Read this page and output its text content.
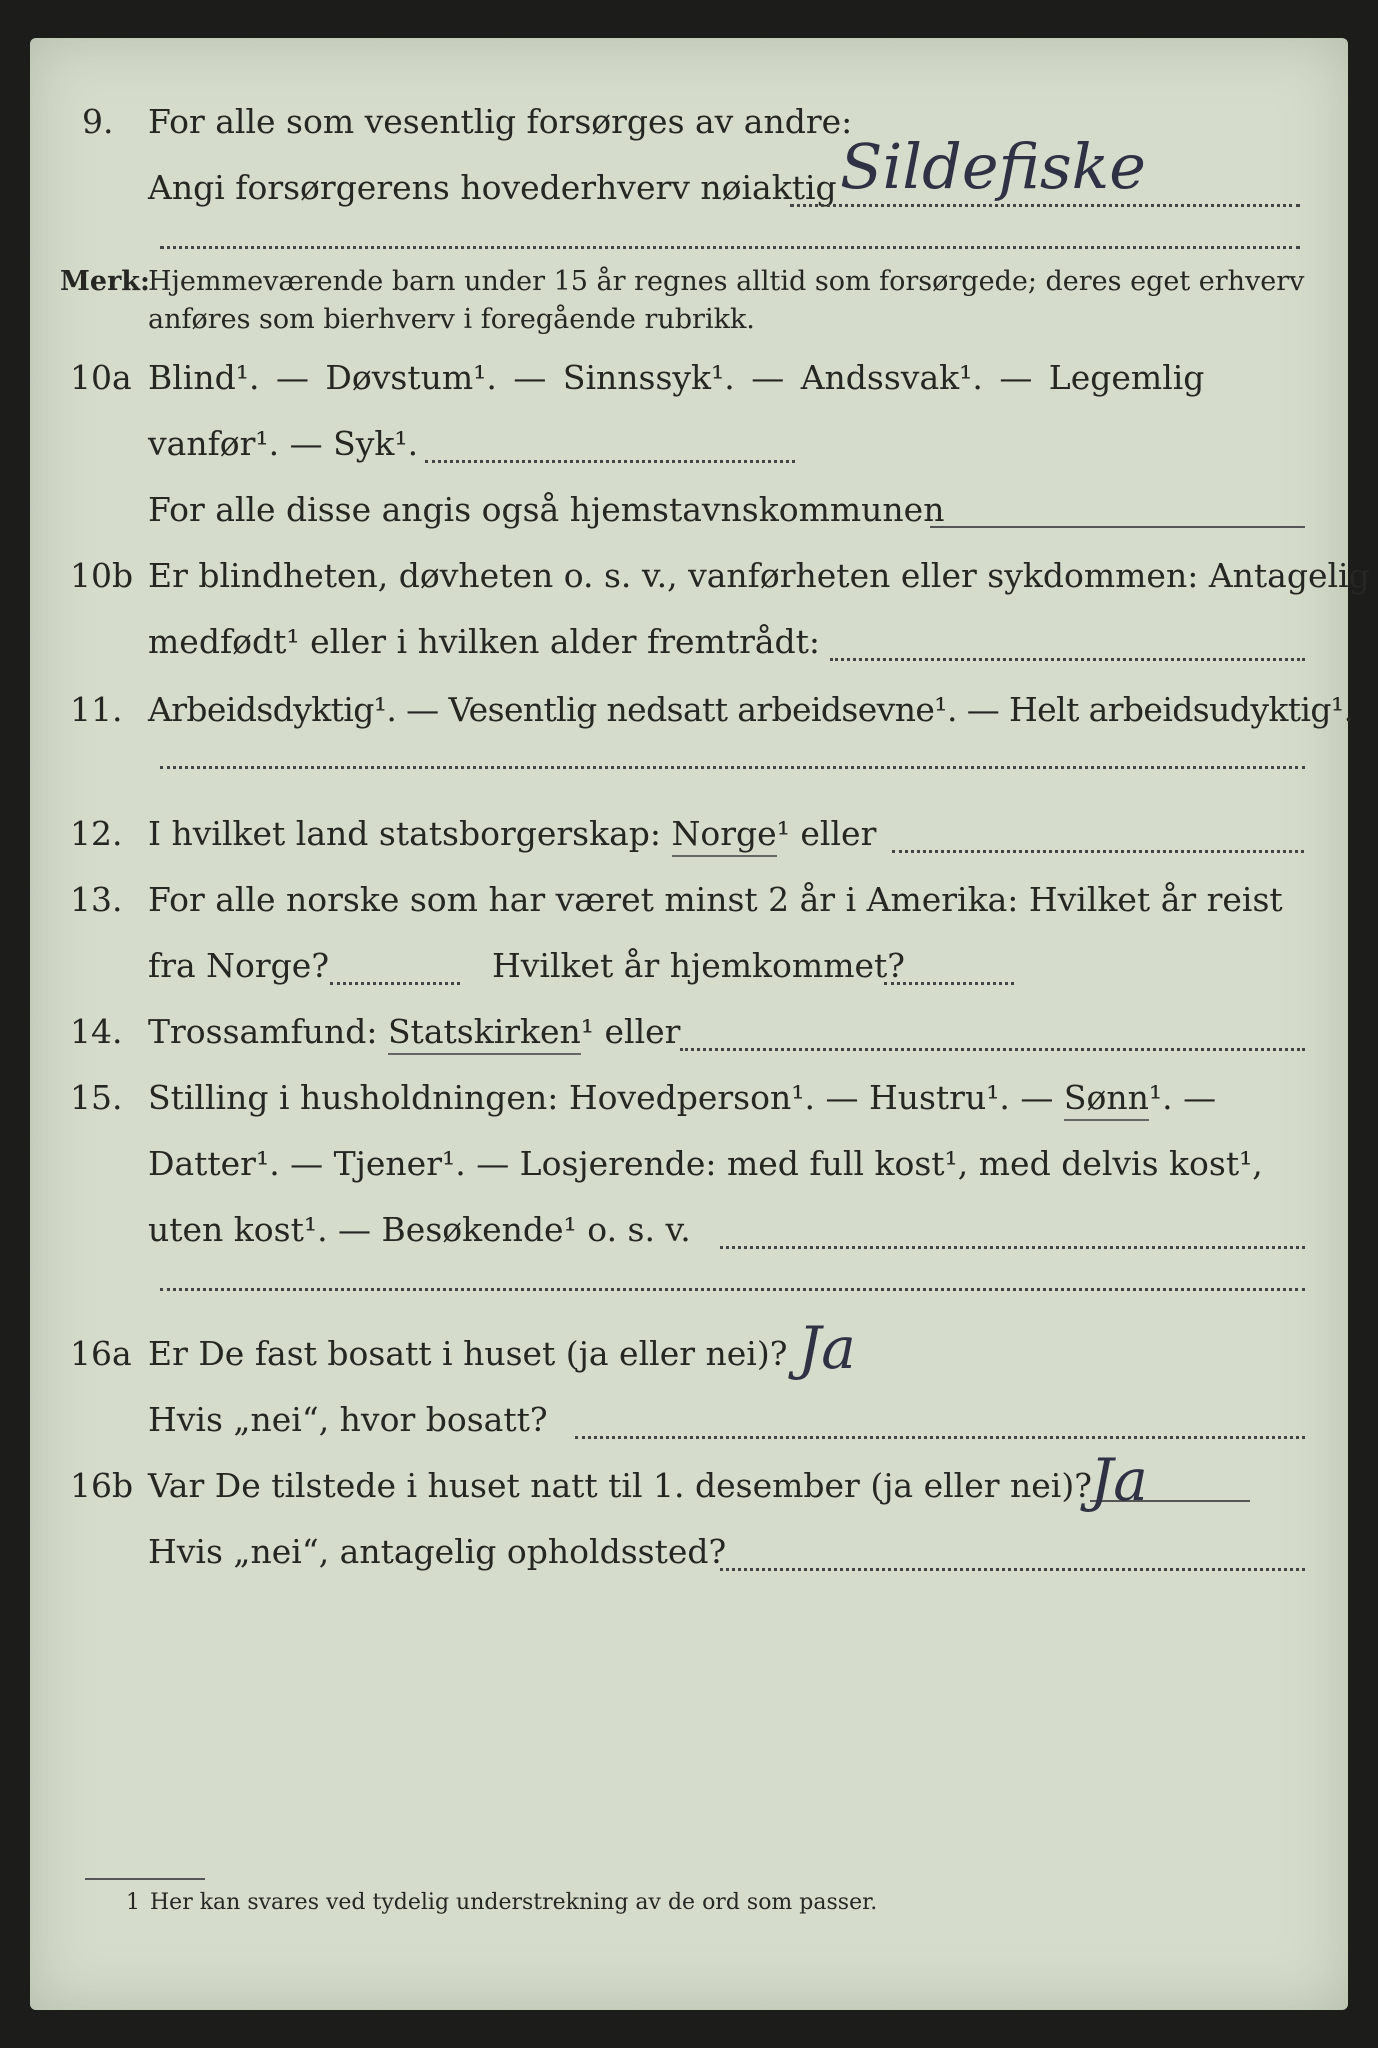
9. For alle som vesentlig forsørges av andre:
Angi forsørgerens hovederhverv nøiaktig Sildefiske
Merk:
Hjemmeværende barn under 15 år regnes alltid som forsørgede; deres eget erhverv
anføres som bierhverv i foregående rubrikk.
10a Blind¹. — Døvstum¹. — Sinnssyk¹. — Andssvak¹. — Legemlig
vanfør¹. — Syk¹.
For alle disse angis også hjemstavnskommunen
10b Er blindheten, døvheten o. s. v., vanførheten eller sykdommen: Antagelig
medfødt¹ eller i hvilken alder fremtrådt:
11. Arbeidsdyktig¹. — Vesentlig nedsatt arbeidsevne¹. — Helt arbeidsudyktig¹.
12. I hvilket land statsborgerskap: Norge¹ eller
13. For alle norske som har været minst 2 år i Amerika: Hvilket år reist
fra Norge?	Hvilket år hjemkommet?
14. Trossamfund: Statskirken¹ eller
15. Stilling i husholdningen: Hovedperson¹. — Hustru¹. — Sønn¹. —
Datter¹. — Tjener¹. — Losjerende: med full kost¹, med delvis kost¹,
uten kost¹. — Besøkende¹ o. s. v.
16a Er De fast bosatt i huset (ja eller nei)? Ja
Hvis „nei“, hvor bosatt?
16b Var De tilstede i huset natt til 1. desember (ja eller nei)?
Ja
Hvis „nei“, antagelig opholdssted?
1 Her kan svares ved tydelig understrekning av de ord som passer.
